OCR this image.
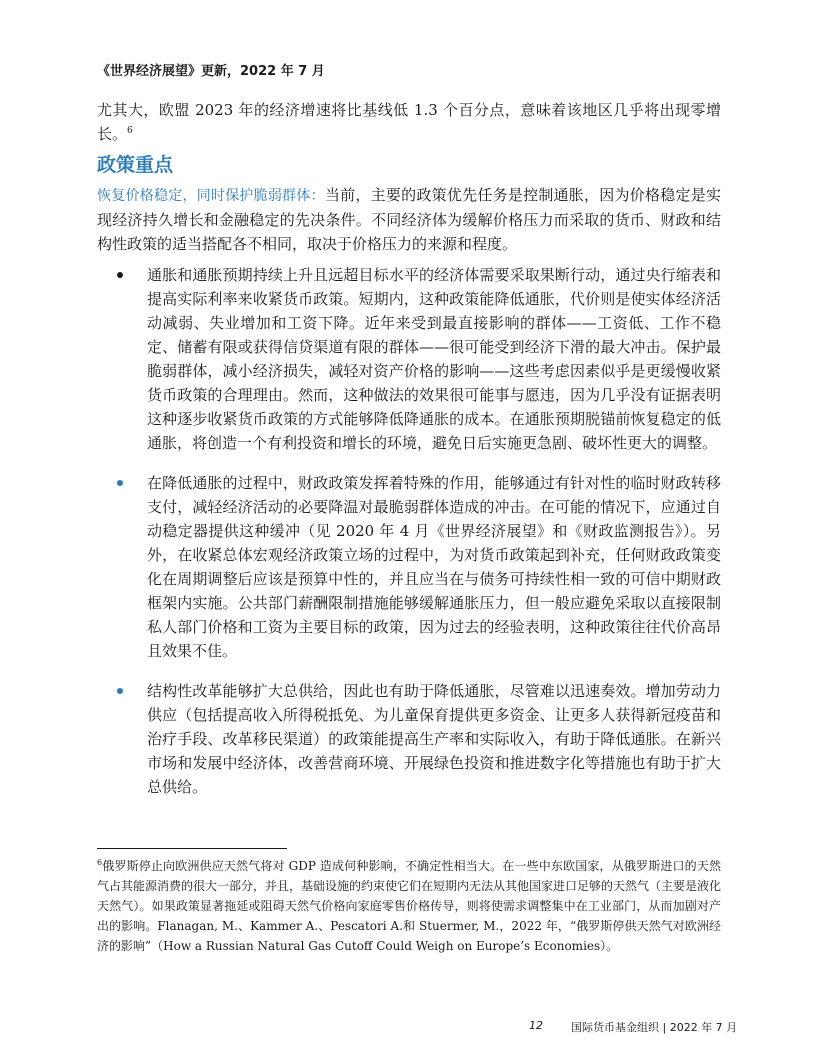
《世界经济展望》更新，2022 年 7 月

尤其大，欧盟 2023 年的经济增速将比基线低 1.3 个百分点，意味着该地区几乎将出现零增长。$^6$

政策重点

恢复价格稳定，同时保护脆弱群体：当前，主要的政策优先任务是控制通胀，因为价格稳定是实现经济持久增长和金融稳定的先决条件。不同经济体为缓解价格压力而采取的货币、财政和结构性政策的适当搭配各不相同，取决于价格压力的来源和程度。

通胀和通胀预期持续上升且远超目标水平的经济体需要采取果断行动，通过央行缩表和提高实际利率来收紧货币政策。短期内，这种政策能降低通胀，代价则是使实体经济活动减弱、失业增加和工资下降。近年来受到最直接影响的群体——工资低、工作不稳定、储蓄有限或获得信贷渠道有限的群体——很可能受到经济下滑的最大冲击。保护最脆弱群体，减小经济损失，减轻对资产价格的影响——这些考虑因素似乎是更缓慢收紧货币政策的合理理由。然而，这种做法的效果很可能事与愿违，因为几乎没有证据表明这种逐步收紧货币政策的方式能够降低降通胀的成本。在通胀预期脱锚前恢复稳定的低通胀，将创造一个有利投资和增长的环境，避免日后实施更急剧、破坏性更大的调整。
在降低通胀的过程中，财政政策发挥着特殊的作用，能够通过有针对性的临时财政转移支付，减轻经济活动的必要降温对最脆弱群体造成的冲击。在可能的情况下，应通过自动稳定器提供这种缓冲（见 2020 年 4 月《世界经济展望》和《财政监测报告》）。另外，在收紧总体宏观经济政策立场的过程中，为对货币政策起到补充，任何财政政策变化在周期调整后应该是预算中性的，并且应当在与债务可持续性相一致的可信中期财政框架内实施。公共部门薪酬限制措施能够缓解通胀压力，但一般应避免采取以直接限制私人部门价格和工资为主要目标的政策，因为过去的经验表明，这种政策往往代价高昂且效果不佳。
结构性改革能够扩大总供给，因此也有助于降低通胀，尽管难以迅速奏效。增加劳动力供应（包括提高收入所得税抵免、为儿童保育提供更多资金、让更多人获得新冠疫苗和治疗手段、改革移民渠道）的政策能提高生产率和实际收入，有助于降低通胀。在新兴市场和发展中经济体，改善营商环境、开展绿色投资和推进数字化等措施也有助于扩大总供给。

$^6$俄罗斯停止向欧洲供应天然气将对 GDP 造成何种影响，不确定性相当大。在一些中东欧国家，从俄罗斯进口的天然气占其能源消费的很大一部分，并且，基础设施的约束使它们在短期内无法从其他国家进口足够的天然气（主要是液化天然气）。如果政策显著拖延或阻碍天然气价格向家庭零售价格传导，则将使需求调整集中在工业部门，从而加剧对产出的影响。Flanagan, M.、Kammer A.、Pescatori A.和 Stuermer, M.，2022 年，“俄罗斯停供天然气对欧洲经济的影响”（How a Russian Natural Gas Cutoff Could Weigh on Europe’s Economies）。

12	国际货币基金组织 | 2022 年 7 月
